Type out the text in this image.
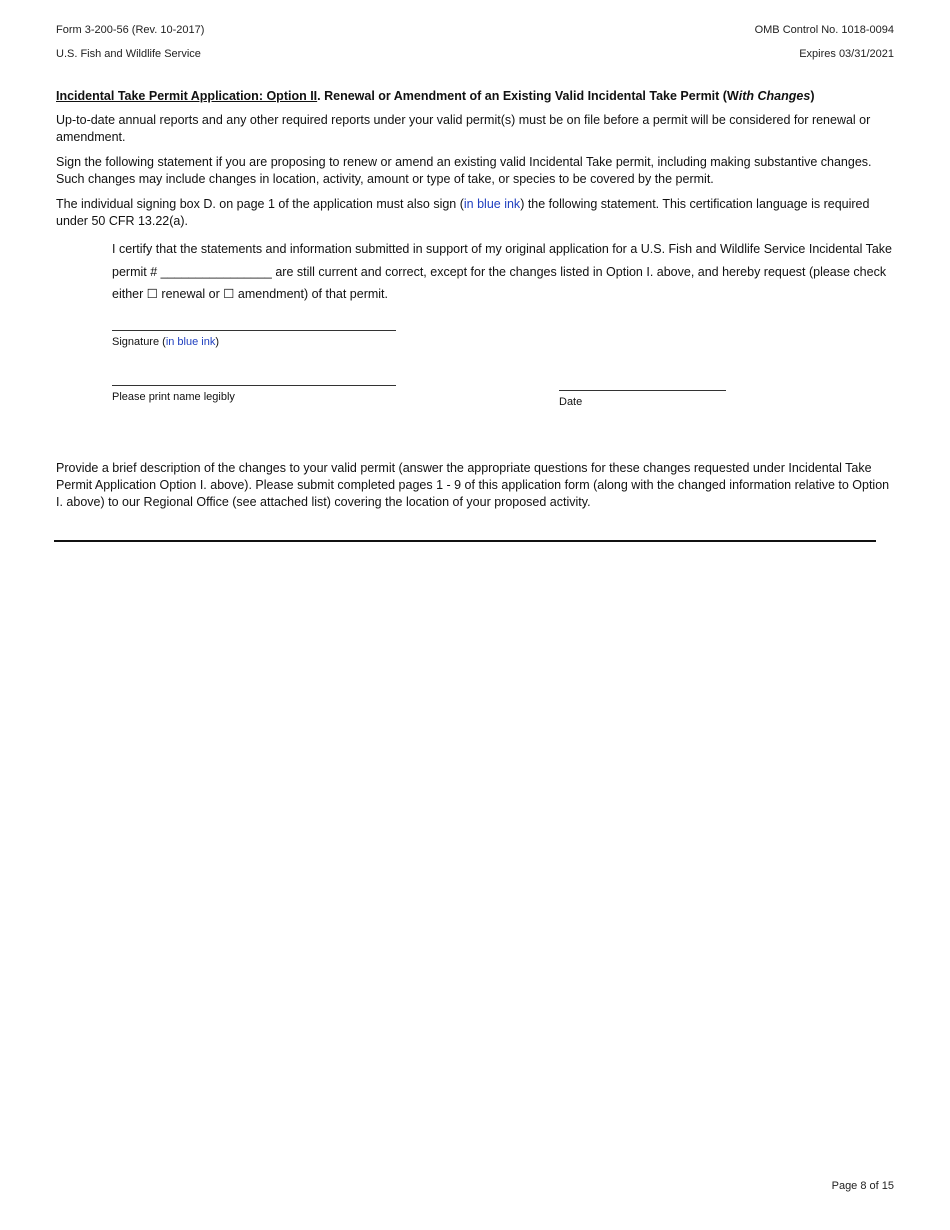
Form 3-200-56 (Rev. 10-2017)
U.S. Fish and Wildlife Service
OMB Control No. 1018-0094
Expires 03/31/2021

Incidental Take Permit Application: Option II. Renewal or Amendment of an Existing Valid Incidental Take Permit (With Changes)

Up-to-date annual reports and any other required reports under your valid permit(s) must be on file before a permit will be considered for renewal or amendment.

Sign the following statement if you are proposing to renew or amend an existing valid Incidental Take permit, including making substantive changes. Such changes may include changes in location, activity, amount or type of take, or species to be covered by the permit.

The individual signing box D. on page 1 of the application must also sign (in blue ink) the following statement. This certification language is required under 50 CFR 13.22(a).

I certify that the statements and information submitted in support of my original application for a U.S. Fish and Wildlife Service Incidental Take permit # ________________ are still current and correct, except for the changes listed in Option I. above, and hereby request (please check either ☐ renewal or ☐ amendment) of that permit.

Signature (in blue ink)
Please print name legibly	Date

Provide a brief description of the changes to your valid permit (answer the appropriate questions for these changes requested under Incidental Take Permit Application Option I. above). Please submit completed pages 1 - 9 of this application form (along with the changed information relative to Option I. above) to our Regional Office (see attached list) covering the location of your proposed activity.

Page 8 of 15
